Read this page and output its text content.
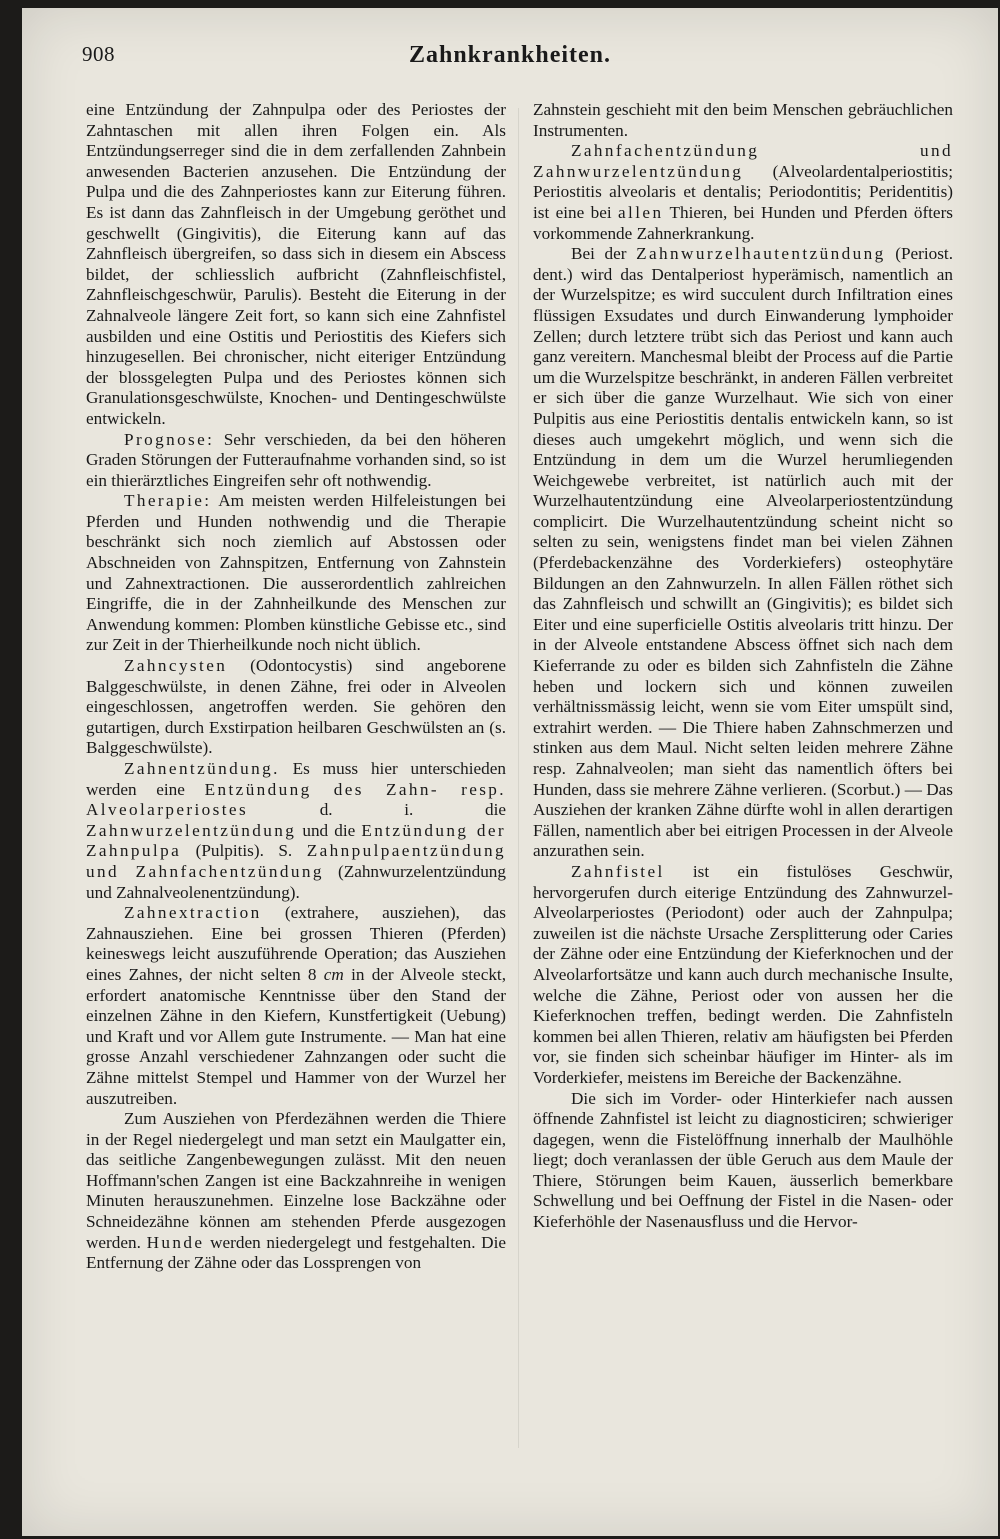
908	Zahnkrankheiten.

eine Entzündung der Zahnpulpa oder des Periostes der Zahntaschen mit allen ihren Folgen ein. Als Entzündungserreger sind die in dem zerfallenden Zahnbein anwesenden Bacterien anzusehen. Die Entzündung der Pulpa und die des Zahnperiostes kann zur Eiterung führen. Es ist dann das Zahnfleisch in der Umgebung geröthet und geschwellt (Gingivitis), die Eiterung kann auf das Zahnfleisch übergreifen, so dass sich in diesem ein Abscess bildet, der schliesslich aufbricht (Zahnfleischfistel, Zahnfleischgeschwür, Parulis). Besteht die Eiterung in der Zahnalveole längere Zeit fort, so kann sich eine Zahnfistel ausbilden und eine Ostitis und Periostitis des Kiefers sich hinzugesellen. Bei chronischer, nicht eiteriger Entzündung der blossgelegten Pulpa und des Periostes können sich Granulationsgeschwülste, Knochen- und Dentingeschwülste entwickeln.

Prognose: Sehr verschieden, da bei den höheren Graden Störungen der Futteraufnahme vorhanden sind, so ist ein thierärztliches Eingreifen sehr oft nothwendig.

Therapie: Am meisten werden Hilfeleistungen bei Pferden und Hunden nothwendig und die Therapie beschränkt sich noch ziemlich auf Abstossen oder Abschneiden von Zahnspitzen, Entfernung von Zahnstein und Zahnextractionen. Die ausserordentlich zahlreichen Eingriffe, die in der Zahnheilkunde des Menschen zur Anwendung kommen: Plomben künstliche Gebisse etc., sind zur Zeit in der Thierheilkunde noch nicht üblich.

Zahncysten (Odontocystis) sind angeborene Balggeschwülste, in denen Zähne, frei oder in Alveolen eingeschlossen, angetroffen werden. Sie gehören den gutartigen, durch Exstirpation heilbaren Geschwülsten an (s. Balggeschwülste).

Zahnentzündung. Es muss hier unterschieden werden eine Entzündung des Zahn- resp. Alveolarperiostes d. i. die Zahnwurzelentzündung und die Entzündung der Zahnpulpa (Pulpitis). S. Zahnpulpaentzündung und Zahnfachentzündung (Zahnwurzelentzündung und Zahnalveolenentzündung).

Zahnextraction (extrahere, ausziehen), das Zahnausziehen. Eine bei grossen Thieren (Pferden) keineswegs leicht auszuführende Operation; das Ausziehen eines Zahnes, der nicht selten 8 cm in der Alveole steckt, erfordert anatomische Kenntnisse über den Stand der einzelnen Zähne in den Kiefern, Kunstfertigkeit (Uebung) und Kraft und vor Allem gute Instrumente. — Man hat eine grosse Anzahl verschiedener Zahnzangen oder sucht die Zähne mittelst Stempel und Hammer von der Wurzel her auszutreiben.

Zum Ausziehen von Pferdezähnen werden die Thiere in der Regel niedergelegt und man setzt ein Maulgatter ein, das seitliche Zangenbewegungen zulässt. Mit den neuen Hoffmann'schen Zangen ist eine Backzahnreihe in wenigen Minuten herauszunehmen. Einzelne lose Backzähne oder Schneidezähne können am stehenden Pferde ausgezogen werden. Hunde werden niedergelegt und festgehalten. Die Entfernung der Zähne oder das Lossprengen von

Zahnstein geschieht mit den beim Menschen gebräuchlichen Instrumenten.

Zahnfachentzündung und Zahnwurzelentzündung (Alveolardentalperiostitis; Periostitis alveolaris et dentalis; Periodontitis; Peridentitis) ist eine bei allen Thieren, bei Hunden und Pferden öfters vorkommende Zahnerkrankung.

Bei der Zahnwurzelhautentzündung (Periost. dent.) wird das Dentalperiost hyperämisch, namentlich an der Wurzelspitze; es wird succulent durch Infiltration eines flüssigen Exsudates und durch Einwanderung lymphoider Zellen; durch letztere trübt sich das Periost und kann auch ganz vereitern. Manchesmal bleibt der Process auf die Partie um die Wurzelspitze beschränkt, in anderen Fällen verbreitet er sich über die ganze Wurzelhaut. Wie sich von einer Pulpitis aus eine Periostitis dentalis entwickeln kann, so ist dieses auch umgekehrt möglich, und wenn sich die Entzündung in dem um die Wurzel herumliegenden Weichgewebe verbreitet, ist natürlich auch mit der Wurzelhautentzündung eine Alveolarperiostentzündung complicirt. Die Wurzelhautentzündung scheint nicht so selten zu sein, wenigstens findet man bei vielen Zähnen (Pferdebackenzähne des Vorderkiefers) osteophytäre Bildungen an den Zahnwurzeln. In allen Fällen röthet sich das Zahnfleisch und schwillt an (Gingivitis); es bildet sich Eiter und eine superficielle Ostitis alveolaris tritt hinzu. Der in der Alveole entstandene Abscess öffnet sich nach dem Kieferrande zu oder es bilden sich Zahnfisteln die Zähne heben und lockern sich und können zuweilen verhältnissmässig leicht, wenn sie vom Eiter umspült sind, extrahirt werden. — Die Thiere haben Zahnschmerzen und stinken aus dem Maul. Nicht selten leiden mehrere Zähne resp. Zahnalveolen; man sieht das namentlich öfters bei Hunden, dass sie mehrere Zähne verlieren. (Scorbut.) — Das Ausziehen der kranken Zähne dürfte wohl in allen derartigen Fällen, namentlich aber bei eitrigen Processen in der Alveole anzurathen sein.

Zahnfistel ist ein fistulöses Geschwür, hervorgerufen durch eiterige Entzündung des Zahnwurzel-Alveolarperiostes (Periodont) oder auch der Zahnpulpa; zuweilen ist die nächste Ursache Zersplitterung oder Caries der Zähne oder eine Entzündung der Kieferknochen und der Alveolarfortsätze und kann auch durch mechanische Insulte, welche die Zähne, Periost oder von aussen her die Kieferknochen treffen, bedingt werden. Die Zahnfisteln kommen bei allen Thieren, relativ am häufigsten bei Pferden vor, sie finden sich scheinbar häufiger im Hinter- als im Vorderkiefer, meistens im Bereiche der Backenzähne.

Die sich im Vorder- oder Hinterkiefer nach aussen öffnende Zahnfistel ist leicht zu diagnosticiren; schwieriger dagegen, wenn die Fistelöffnung innerhalb der Maulhöhle liegt; doch veranlassen der üble Geruch aus dem Maule der Thiere, Störungen beim Kauen, äusserlich bemerkbare Schwellung und bei Oeffnung der Fistel in die Nasen- oder Kieferhöhle der Nasenausfluss und die Hervor-
